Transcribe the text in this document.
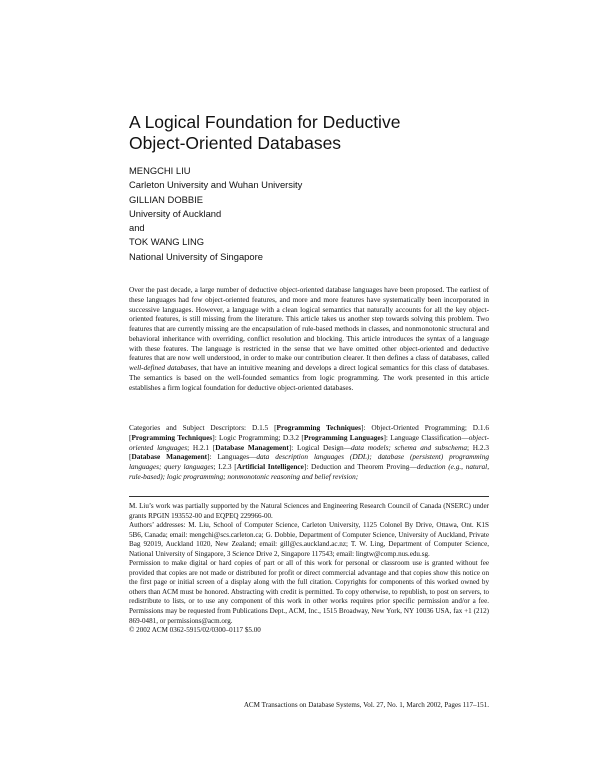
A Logical Foundation for Deductive
Object-Oriented Databases
MENGCHI LIU
Carleton University and Wuhan University
GILLIAN DOBBIE
University of Auckland
and
TOK WANG LING
National University of Singapore

Over the past decade, a large number of deductive object-oriented database languages have been proposed. The earliest of these languages had few object-oriented features, and more and more features have systematically been incorporated in successive languages. However, a language with a clean logical semantics that naturally accounts for all the key object-oriented features, is still missing from the literature. This article takes us another step towards solving this problem. Two features that are currently missing are the encapsulation of rule-based methods in classes, and nonmonotonic structural and behavioral inheritance with overriding, conflict resolution and blocking. This article introduces the syntax of a language with these features. The language is restricted in the sense that we have omitted other object-oriented and deductive features that are now well understood, in order to make our contribution clearer. It then defines a class of databases, called well-defined databases, that have an intuitive meaning and develops a direct logical semantics for this class of databases. The semantics is based on the well-founded semantics from logic programming. The work presented in this article establishes a firm logical foundation for deductive object-oriented databases.

Categories and Subject Descriptors: D.1.5 [Programming Techniques]: Object-Oriented Programming; D.1.6 [Programming Techniques]: Logic Programming; D.3.2 [Programming Languages]: Language Classification—object-oriented languages; H.2.1 [Database Management]: Logical Design—data models; schema and subschema; H.2.3 [Database Management]: Languages—data description languages (DDL); database (persistent) programming languages; query languages; I.2.3 [Artificial Intelligence]: Deduction and Theorem Proving—deduction (e.g., natural, rule-based); logic programming; nonmonotonic reasoning and belief revision;

M. Liu’s work was partially supported by the Natural Sciences and Engineering Research Council of Canada (NSERC) under grants RPGIN 193552-00 and EQPEQ 229966-00.

Authors’ addresses: M. Liu, School of Computer Science, Carleton University, 1125 Colonel By Drive, Ottawa, Ont. K1S 5B6, Canada; email: mengchi@scs.carleton.ca; G. Dobbie, Department of Computer Science, University of Auckland, Private Bag 92019, Auckland 1020, New Zealand; email: gill@cs.auckland.ac.nz; T. W. Ling, Department of Computer Science, National University of Singapore, 3 Science Drive 2, Singapore 117543; email: lingtw@comp.nus.edu.sg.

Permission to make digital or hard copies of part or all of this work for personal or classroom use is granted without fee provided that copies are not made or distributed for profit or direct commercial advantage and that copies show this notice on the first page or initial screen of a display along with the full citation. Copyrights for components of this worked owned by others than ACM must be honored. Abstracting with credit is permitted. To copy otherwise, to republish, to post on servers, to redistribute to lists, or to use any component of this work in other works requires prior specific permission and/or a fee. Permissions may be requested from Publications Dept., ACM, Inc., 1515 Broadway, New York, NY 10036 USA, fax +1 (212) 869-0481, or permissions@acm.org.

© 2002 ACM 0362-5915/02/0300–0117 $5.00

ACM Transactions on Database Systems, Vol. 27, No. 1, March 2002, Pages 117–151.
